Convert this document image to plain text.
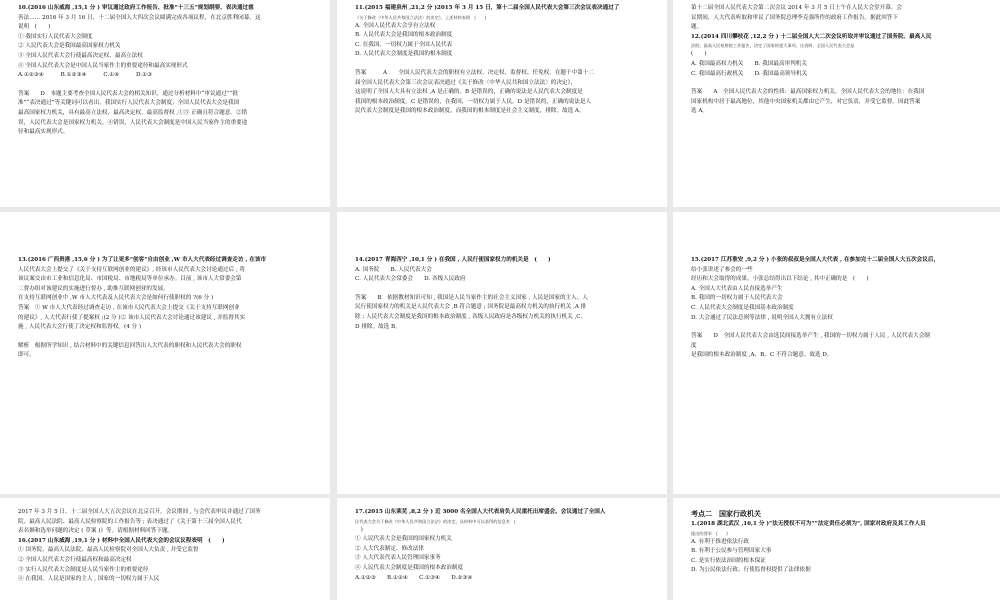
10.(2016 山东威海 ,15,1 分 ) 审议通过政府工作报告、批准“十三五”规划纲要、表决通过慈
善法…… 2016 年 3 月 16 日，十二届全国人大四次会议圆满完成各项议程，在北京胜利闭幕。这
说明　(　　)
① 我国实行人民代表大会制度
② 人民代表大会是我国最高国家权力机关
③ 全国人民代表大会行使最高决定权、最高立法权
④ 全国人民代表大会是中国人民当家作主的重要途径和最高实现形式
A.①②③④　　　B.①②③④　　　C.①④　　　D.①③
答案　　D　本题主要考查全国人民代表大会的相关知识。通过分析材料中“审议通过”“批
准”“表决通过”等关键词可以看出，我国实行人民代表大会制度；全国人民代表大会是我国
最高国家权力机关，具有最高立法权、最高决定权、最高监督权 ,①③ 正确且符合题意。②错
误，人民代表大会是国家权力机关。④错误，人民代表大会制度是中国人民当家作主的重要途
径和最高实现形式。
11.(2015 福建泉州 ,21,2 分 )2015 年 3 月 15 日，第十二届全国人民代表大会第三次会议表决通过了
《关于修改〈中华人民共和国立法法〉的决定》。上述材料表明　(　　)
A. 全国人民代表大会享有立法权
B. 人民代表大会是我国的根本政治制度
C. 在我国，一切权力属于全国人民代表
D. 人民代表大会制度是我国的根本制度
答案　　　A　　全国人民代表大会的职权有立法权、决定权、监督权、任免权。在题干中第十二
届全国人民代表大会第三次会议表决通过《关于修改〈中华人民共和国立法法〉的决定》，
这说明了全国人大具有立法权 ,A 是正确的。B 是错误的，正确的说法是人民代表大会制度是
我国的根本政治制度。C 是错误的，在我国，一切权力属于人民。D 是错误的，正确的说法是人
民代表大会制度是我国的根本政治制度，而我国的根本制度是社会主义制度，排除。故选 A。
第十二届全国人民代表大会第二次会议 2014 年 3 月 5 日上午在人民大会堂开幕。会
议期间，人大代表听取和审议了国务院总理李克强所作的政府工作报告。据此回答下
题。
12.(2014 四川攀枝花 ,12,2 分 ) 十二届全国人大二次会议听取并审议通过了国务院、最高人民
法院、最高人民检察院工作报告，决定了国家的重大事项。这表明，全国人民代表大会是
(　　)
A. 我国最高权力机关　　B. 我国最高审判机关
C. 我国最高行政机关　　D. 我国最高领导机关
答案　　A　全国人民代表大会的性质：最高国家权力机关。全国人民代表大会的地位：在我国
国家机构中居于最高地位，其他中央国家机关都由它产生，对它负责，并受它监督。因此答案
选 A。
13.(2016 广西贵港 ,15,6 分 ) 为了让更多“创客”自由创业 ,W 市人大代表经过调查走访 , 在该市
人民代表大会上提交了《关于支持互联网创业的建议》, 经该市人民代表大会讨论通过后 , 将
该议案交由市工业和信息化局、市国税局、市地税局等单位承办。目前 , 该市人大常委会第
二督办组对该建议的实施进行督办 , 助推互联网创业的发展。
在支持互联网创业中 ,W 市人大代表及人民代表大会是如何行使职权的 ?(6 分 )
答案　① W 市人大代表经过调查走访 , 在该市人民代表大会上提交《关于支持互联网创业
的建议》, 人大代表行使了提案权 ;(2 分 )② 该市人民代表大会讨论通过该建议 , 并监督其实
施 , 人民代表大会行使了决定权和监督权。(4 分 )
解析　根据所学知识 , 结合材料中的关键信息回答出人大代表的职权和人民代表大会的职权
即可。
14.(2017 青海西宁 ,10,1 分 ) 在我国 , 人民行使国家权力的机关是　(　　)
A. 国务院　　B. 人民代表大会
C. 人民代表大会常委会　　D. 各级人民政府
答案　　B　依据教材知识可知 , 我国是人民当家作主的社会主义国家 , 人民是国家的主人。人
民行使国家权力的机关是人民代表大会 ,B 符合题意 ; 国务院是最高权力机关的执行机关 ,A 排
除 ; 人民代表大会制度是我国的根本政治制度 , 各级人民政府是各级权力机关的执行机关 ,C、
D 排除。故选 B。
15.(2017 江苏淮安 ,9,2 分 ) 小张的叔叔是全国人大代表 , 在参加完十二届全国人大五次会议后，
给小张讲述了参会的一些
经历和大会取得的成果。小张总结得出以下结论 , 其中正确的是　(　　)
A. 全国人大代表由人民直接选举产生
B. 我国的一切权力属于人民代表大会
C. 人民代表大会制度是我国基本政治制度
D. 大会通过了民法总则等法律 , 说明全国人大拥有立法权
答案　　D　全国人民代表大会由选民间接选举产生 , 我国的一切权力属于人民 , 人民代表大会制
度
是我国的根本政治制度 ,A、B、C 不符合题意。故选 D。
2017 年 3 月 5 日，十二届全国人大五次会议在北京召开。会议期间 , 与会代表审议并通过了国务
院、最高人民法院、最高人民检察院的工作报告等 ; 表决通过了《关于第十三届全国人民代
表名额和选举问题的决定 ( 草案 )》等。请根据材料回答下题。
16.(2017 山东威海 ,19,1 分 ) 材料中全国人民代表大会的会议议程表明　(　　)
① 国务院、最高人民法院、最高人民检察院对全国人大负责 , 并受它监督
② 全国人民代表大会行使最高权和最高决定权
③ 实行人民代表大会制度是人民当家作主的重要途径
④ 在我国，人民是国家的主人 , 国家的一切权力属于人民
17.(2015 山东莱芜 ,8,2 分 ) 近 3000 名全国人大代表肩负人民重托出席盛会。会议通过了全国人
民代表大会关于修改《中华人民共和国立法法》的决定。从材料中可以获得的信息有　(
　)
① 人民代表大会是我国的国家权力机关
② 人大代表制定、修改法律
③ 人大代表代表人民管理国家事务
④ 人民代表大会制度是我国的根本政治制度
A.①②③　　B.①②④　　C.①③④　　D.②③④
考点二　国家行政机关
1.(2018 湖北武汉 ,16,1 分 )“法无授权不可为”“法定责任必须为”, 国家对政府及其工作人员
提出的要求　(　　)
A. 有利于推进依法行政
B. 有利于公民参与管理国家大事
C. 是实行依法治国的根本保证
D. 为公民依法行政、行使监督权提供了法律依据
